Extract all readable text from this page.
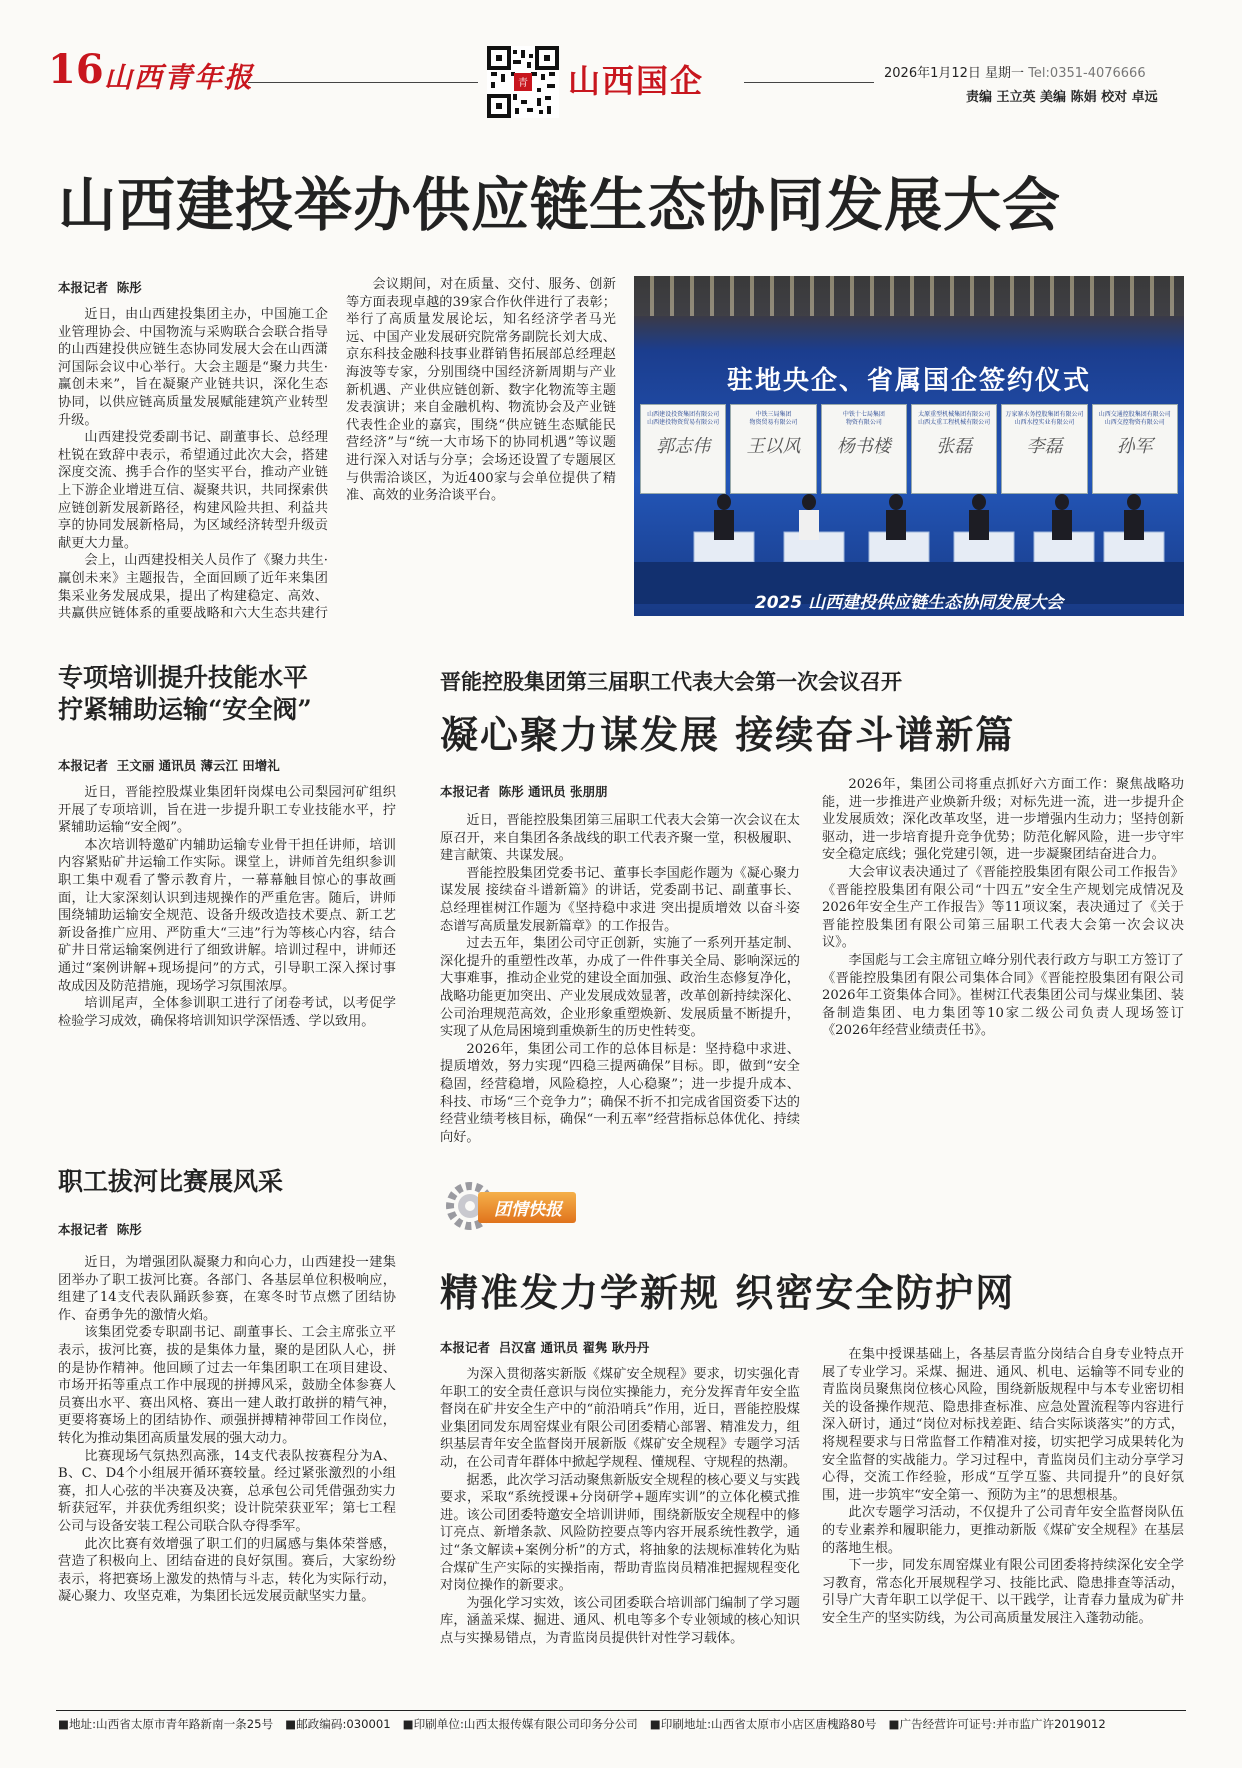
16 山西青年报	青 山西国企	2026年1月12日 星期一 Tel:0351-4076666
责编 王立英 美编 陈娟 校对 卓远
山西建投举办供应链生态协同发展大会
本报记者 陈彤

近日，由山西建投集团主办，中国施工企业管理协会、中国物流与采购联合会联合指导的山西建投供应链生态协同发展大会在山西潇河国际会议中心举行。大会主题是“聚力共生·赢创未来”，旨在凝聚产业链共识，深化生态协同，以供应链高质量发展赋能建筑产业转型升级。

山西建投党委副书记、副董事长、总经理杜锐在致辞中表示，希望通过此次大会，搭建深度交流、携手合作的坚实平台，推动产业链上下游企业增进互信、凝聚共识，共同探索供应链创新发展新路径，构建风险共担、利益共享的协同发展新格局，为区域经济转型升级贡献更大力量。

会上，山西建投相关人员作了《聚力共生·赢创未来》主题报告，全面回顾了近年来集团集采业务发展成果，提出了构建稳定、高效、共赢供应链体系的重要战略和六大生态共建行

会议期间，对在质量、交付、服务、创新等方面表现卓越的39家合作伙伴进行了表彰；举行了高质量发展论坛，知名经济学者马光远、中国产业发展研究院常务副院长刘大成、京东科技金融科技事业群销售拓展部总经理赵海波等专家，分别围绕中国经济新周期与产业新机遇、产业供应链创新、数字化物流等主题发表演讲；来自金融机构、物流协会及产业链代表性企业的嘉宾，围绕“供应链生态赋能民营经济”与“统一大市场下的协同机遇”等议题进行深入对话与分享；会场还设置了专题展区与供需洽谈区，为近400家与会单位提供了精准、高效的业务洽谈平台。

驻地央企、省属国企签约仪式
山西建设投资集团有限公司
山西建投物资贸易有限公司
郭志伟
中铁三局集团
物资贸易有限公司
王以风
中铁十七局集团
物资有限公司
杨书楼
太原重型机械集团有限公司
山西太重工程机械有限公司
张磊
万家寨水务控股集团有限公司
山西水控实业有限公司
李磊
山西交通控股集团有限公司
山西交控物资有限公司
孙军
2025 山西建投供应链生态协同发展大会
专项培训提升技能水平
拧紧辅助运输“安全阀”
本报记者 王文丽 通讯员 薄云江 田增礼

近日，晋能控股煤业集团轩岗煤电公司梨园河矿组织开展了专项培训，旨在进一步提升职工专业技能水平，拧紧辅助运输“安全阀”。

本次培训特邀矿内辅助运输专业骨干担任讲师，培训内容紧贴矿井运输工作实际。课堂上，讲师首先组织参训职工集中观看了警示教育片，一幕幕触目惊心的事故画面，让大家深刻认识到违规操作的严重危害。随后，讲师围绕辅助运输安全规范、设备升级改造技术要点、新工艺新设备推广应用、严防重大“三违”行为等核心内容，结合矿井日常运输案例进行了细致讲解。培训过程中，讲师还通过“案例讲解+现场提问”的方式，引导职工深入探讨事故成因及防范措施，现场学习氛围浓厚。

培训尾声，全体参训职工进行了闭卷考试，以考促学检验学习成效，确保将培训知识学深悟透、学以致用。

职工拔河比赛展风采
本报记者 陈彤

近日，为增强团队凝聚力和向心力，山西建投一建集团举办了职工拔河比赛。各部门、各基层单位积极响应，组建了14支代表队踊跃参赛，在寒冬时节点燃了团结协作、奋勇争先的激情火焰。

该集团党委专职副书记、副董事长、工会主席张立平表示，拔河比赛，拔的是集体力量，聚的是团队人心，拼的是协作精神。他回顾了过去一年集团职工在项目建设、市场开拓等重点工作中展现的拼搏风采，鼓励全体参赛人员赛出水平、赛出风格、赛出一建人敢打敢拼的精气神，更要将赛场上的团结协作、顽强拼搏精神带回工作岗位，转化为推动集团高质量发展的强大动力。

比赛现场气氛热烈高涨，14支代表队按赛程分为A、B、C、D4个小组展开循环赛较量。经过紧张激烈的小组赛，扣人心弦的半决赛及决赛，总承包公司凭借强劲实力斩获冠军，并获优秀组织奖；设计院荣获亚军；第七工程公司与设备安装工程公司联合队夺得季军。

此次比赛有效增强了职工们的归属感与集体荣誉感，营造了积极向上、团结奋进的良好氛围。赛后，大家纷纷表示，将把赛场上激发的热情与斗志，转化为实际行动，凝心聚力、攻坚克难，为集团长远发展贡献坚实力量。

晋能控股集团第三届职工代表大会第一次会议召开
凝心聚力谋发展 接续奋斗谱新篇
本报记者 陈彤 通讯员 张朋朋

近日，晋能控股集团第三届职工代表大会第一次会议在太原召开，来自集团各条战线的职工代表齐聚一堂，积极履职、建言献策、共谋发展。

晋能控股集团党委书记、董事长李国彪作题为《凝心聚力谋发展 接续奋斗谱新篇》的讲话，党委副书记、副董事长、总经理崔树江作题为《坚持稳中求进 突出提质增效 以奋斗姿态谱写高质量发展新篇章》的工作报告。

过去五年，集团公司守正创新，实施了一系列开基定制、深化提升的重塑性改革，办成了一件件事关全局、影响深远的大事难事，推动企业党的建设全面加强、政治生态修复净化，战略功能更加突出、产业发展成效显著，改革创新持续深化、公司治理规范高效，企业形象重塑焕新、发展质量不断提升，实现了从危局困境到重焕新生的历史性转变。

2026年，集团公司工作的总体目标是：坚持稳中求进、提质增效，努力实现“四稳三提两确保”目标。即，做到“安全稳固，经营稳增，风险稳控，人心稳聚”；进一步提升成本、科技、市场“三个竞争力”；确保不折不扣完成省国资委下达的经营业绩考核目标，确保“一利五率”经营指标总体优化、持续向好。

2026年，集团公司将重点抓好六方面工作：聚焦战略功能，进一步推进产业焕新升级；对标先进一流，进一步提升企业发展质效；深化改革攻坚，进一步增强内生动力；坚持创新驱动，进一步培育提升竞争优势；防范化解风险，进一步守牢安全稳定底线；强化党建引领，进一步凝聚团结奋进合力。

大会审议表决通过了《晋能控股集团有限公司工作报告》《晋能控股集团有限公司“十四五”安全生产规划完成情况及2026年安全生产工作报告》等11项议案，表决通过了《关于晋能控股集团有限公司第三届职工代表大会第一次会议决议》。

李国彪与工会主席钮立峰分别代表行政方与职工方签订了《晋能控股集团有限公司集体合同》《晋能控股集团有限公司2026年工资集体合同》。崔树江代表集团公司与煤业集团、装备制造集团、电力集团等10家二级公司负责人现场签订《2026年经营业绩责任书》。

团情快报
精准发力学新规 织密安全防护网
本报记者 吕汉富 通讯员 翟隽 耿丹丹

为深入贯彻落实新版《煤矿安全规程》要求，切实强化青年职工的安全责任意识与岗位实操能力，充分发挥青年安全监督岗在矿井安全生产中的“前沿哨兵”作用，近日，晋能控股煤业集团同发东周窑煤业有限公司团委精心部署、精准发力，组织基层青年安全监督岗开展新版《煤矿安全规程》专题学习活动，在公司青年群体中掀起学规程、懂规程、守规程的热潮。

据悉，此次学习活动聚焦新版安全规程的核心要义与实践要求，采取“系统授课+分岗研学+题库实训”的立体化模式推进。该公司团委特邀安全培训讲师，围绕新版安全规程中的修订亮点、新增条款、风险防控要点等内容开展系统性教学，通过“条文解读+案例分析”的方式，将抽象的法规标准转化为贴合煤矿生产实际的实操指南，帮助青监岗员精准把握规程变化对岗位操作的新要求。

为强化学习实效，该公司团委联合培训部门编制了学习题库，涵盖采煤、掘进、通风、机电等多个专业领域的核心知识点与实操易错点，为青监岗员提供针对性学习载体。

在集中授课基础上，各基层青监分岗结合自身专业特点开展了专业学习。采煤、掘进、通风、机电、运输等不同专业的青监岗员聚焦岗位核心风险，围绕新版规程中与本专业密切相关的设备操作规范、隐患排查标准、应急处置流程等内容进行深入研讨，通过“岗位对标找差距、结合实际谈落实”的方式，将规程要求与日常监督工作精准对接，切实把学习成果转化为安全监督的实战能力。学习过程中，青监岗员们主动分享学习心得，交流工作经验，形成“互学互鉴、共同提升”的良好氛围，进一步筑牢“安全第一、预防为主”的思想根基。

此次专题学习活动，不仅提升了公司青年安全监督岗队伍的专业素养和履职能力，更推动新版《煤矿安全规程》在基层的落地生根。

下一步，同发东周窑煤业有限公司团委将持续深化安全学习教育，常态化开展规程学习、技能比武、隐患排查等活动，引导广大青年职工以学促干、以干践学，让青春力量成为矿井安全生产的坚实防线，为公司高质量发展注入蓬勃动能。

■地址:山西省太原市青年路新南一条25号 ■邮政编码:030001 ■印刷单位:山西太报传媒有限公司印务分公司 ■印刷地址:山西省太原市小店区唐槐路80号 ■广告经营许可证号:并市监广许2019012
